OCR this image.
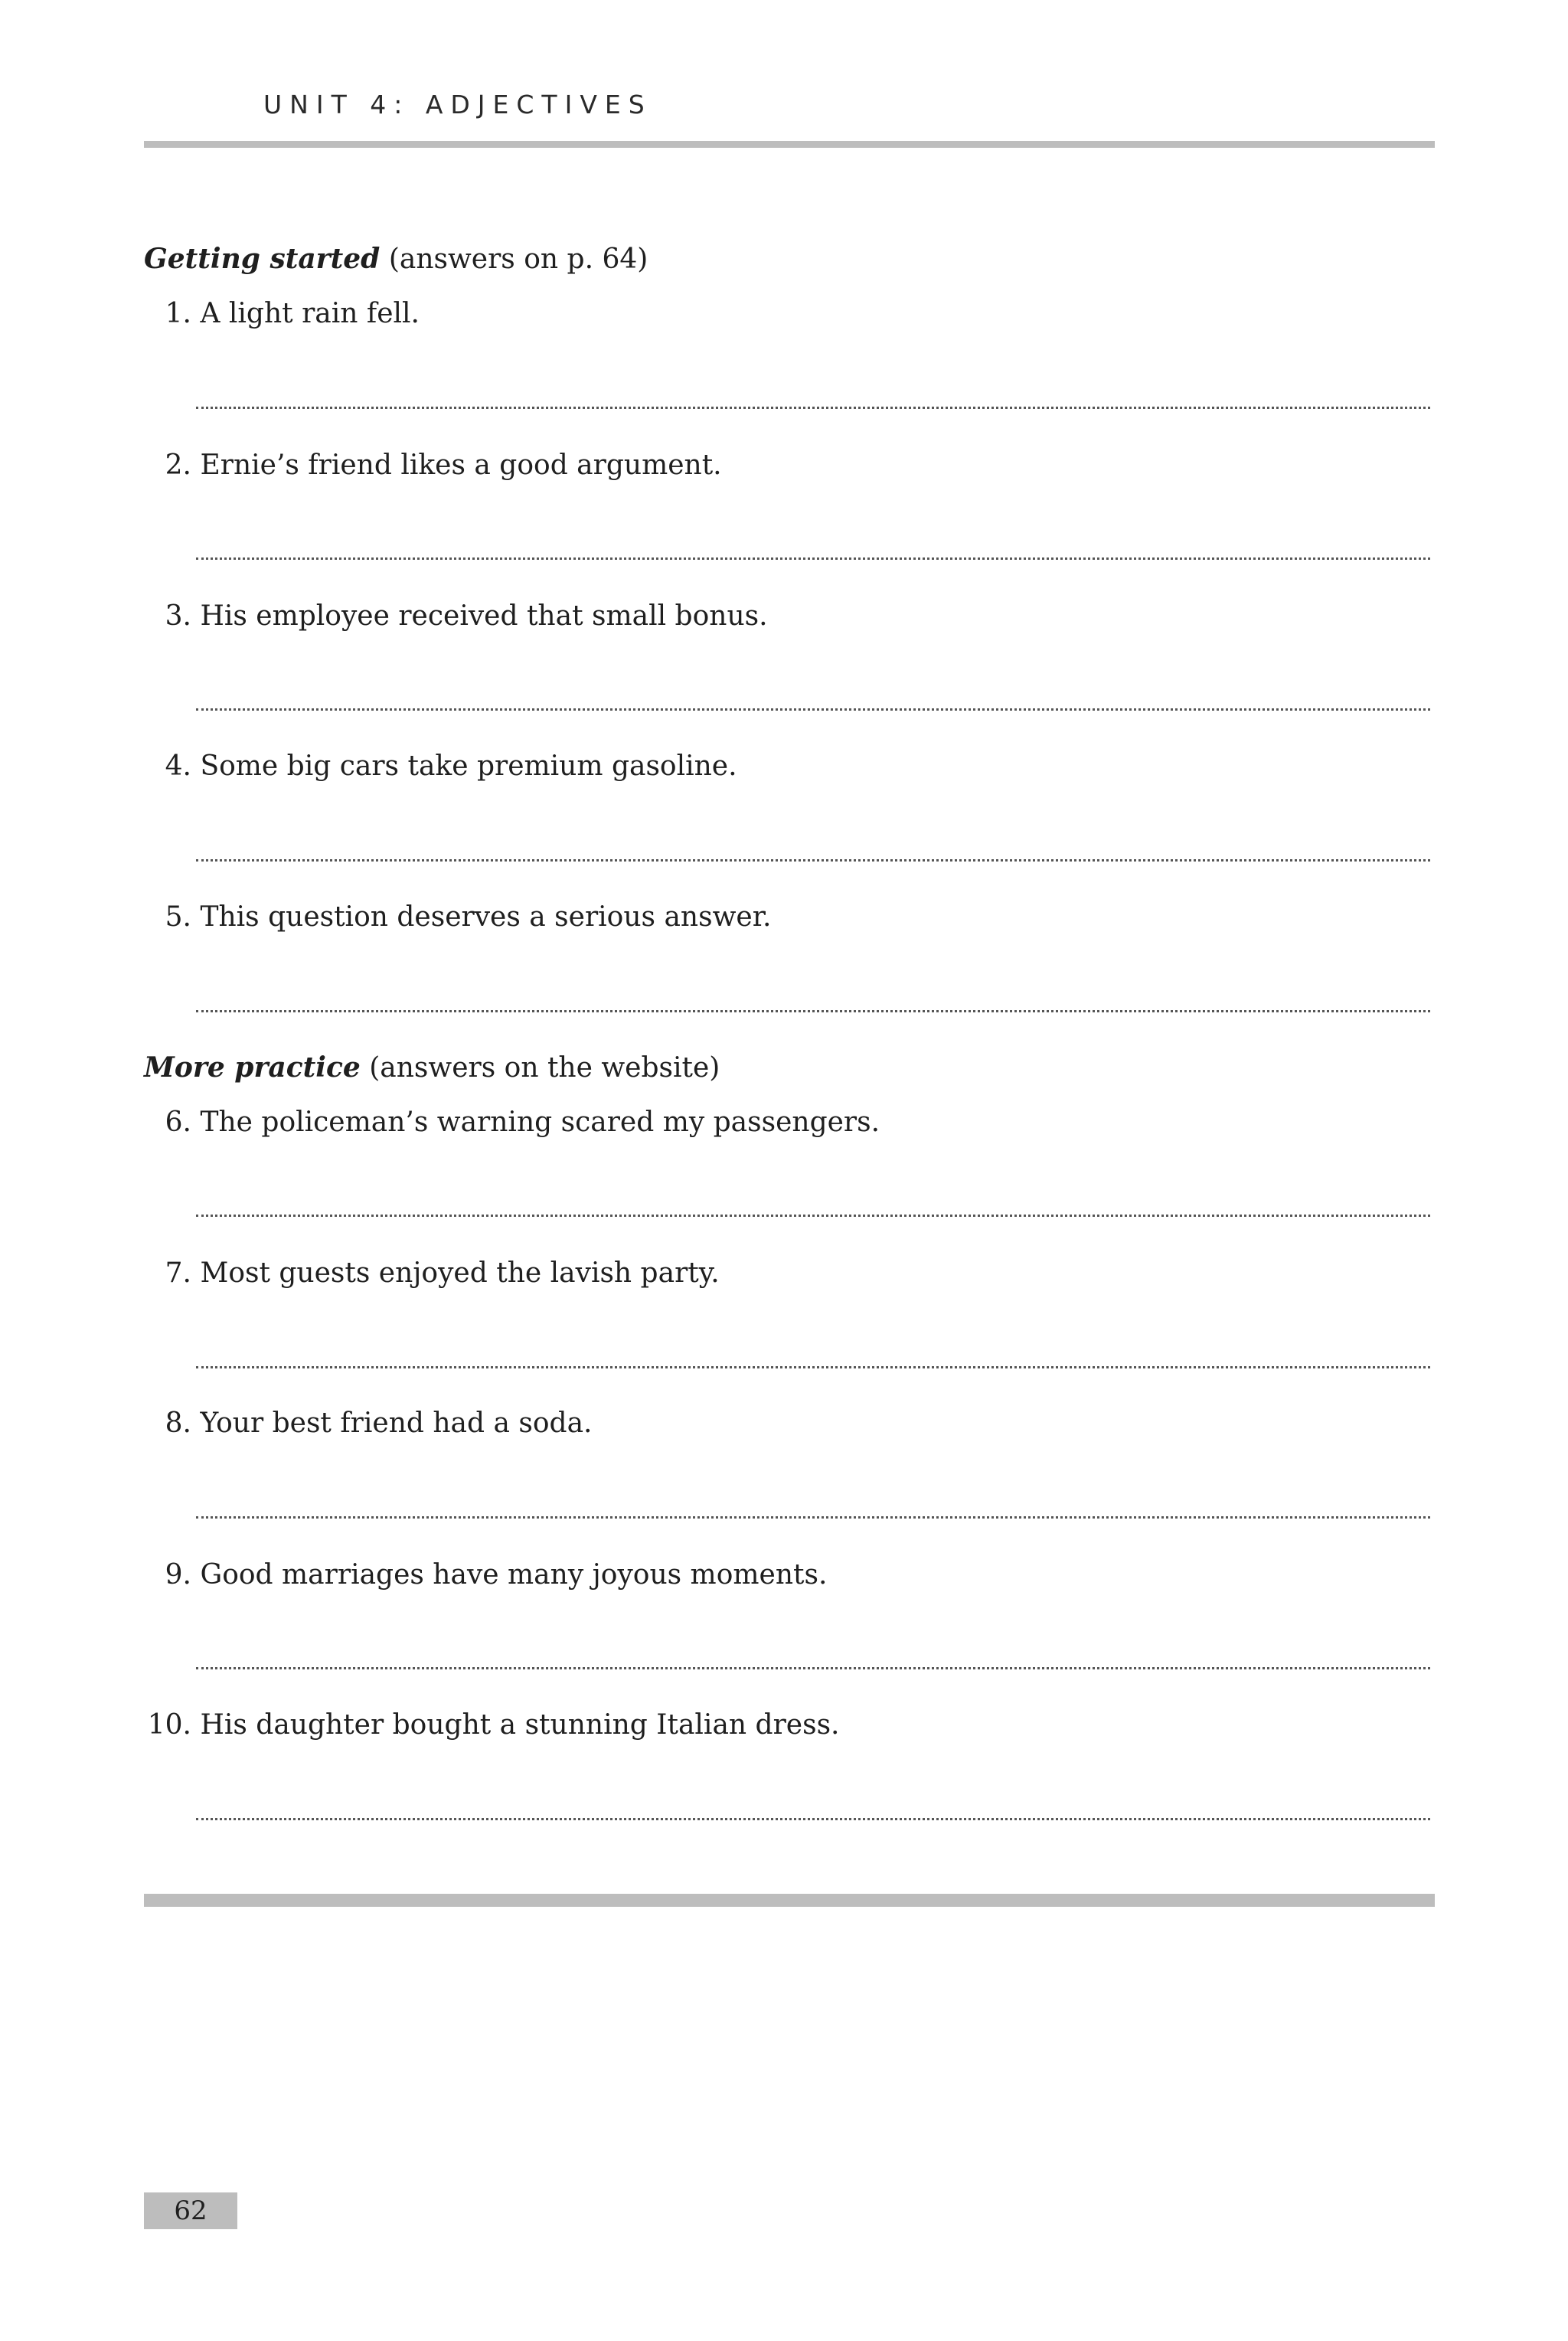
UNIT 4: ADJECTIVES
Getting started (answers on p. 64)
1. A light rain fell.
2. Ernie’s friend likes a good argument.
3. His employee received that small bonus.
4. Some big cars take premium gasoline.
5. This question deserves a serious answer.
More practice (answers on the website)
6. The policeman’s warning scared my passengers.
7. Most guests enjoyed the lavish party.
8. Your best friend had a soda.
9. Good marriages have many joyous moments.
10. His daughter bought a stunning Italian dress.
62
